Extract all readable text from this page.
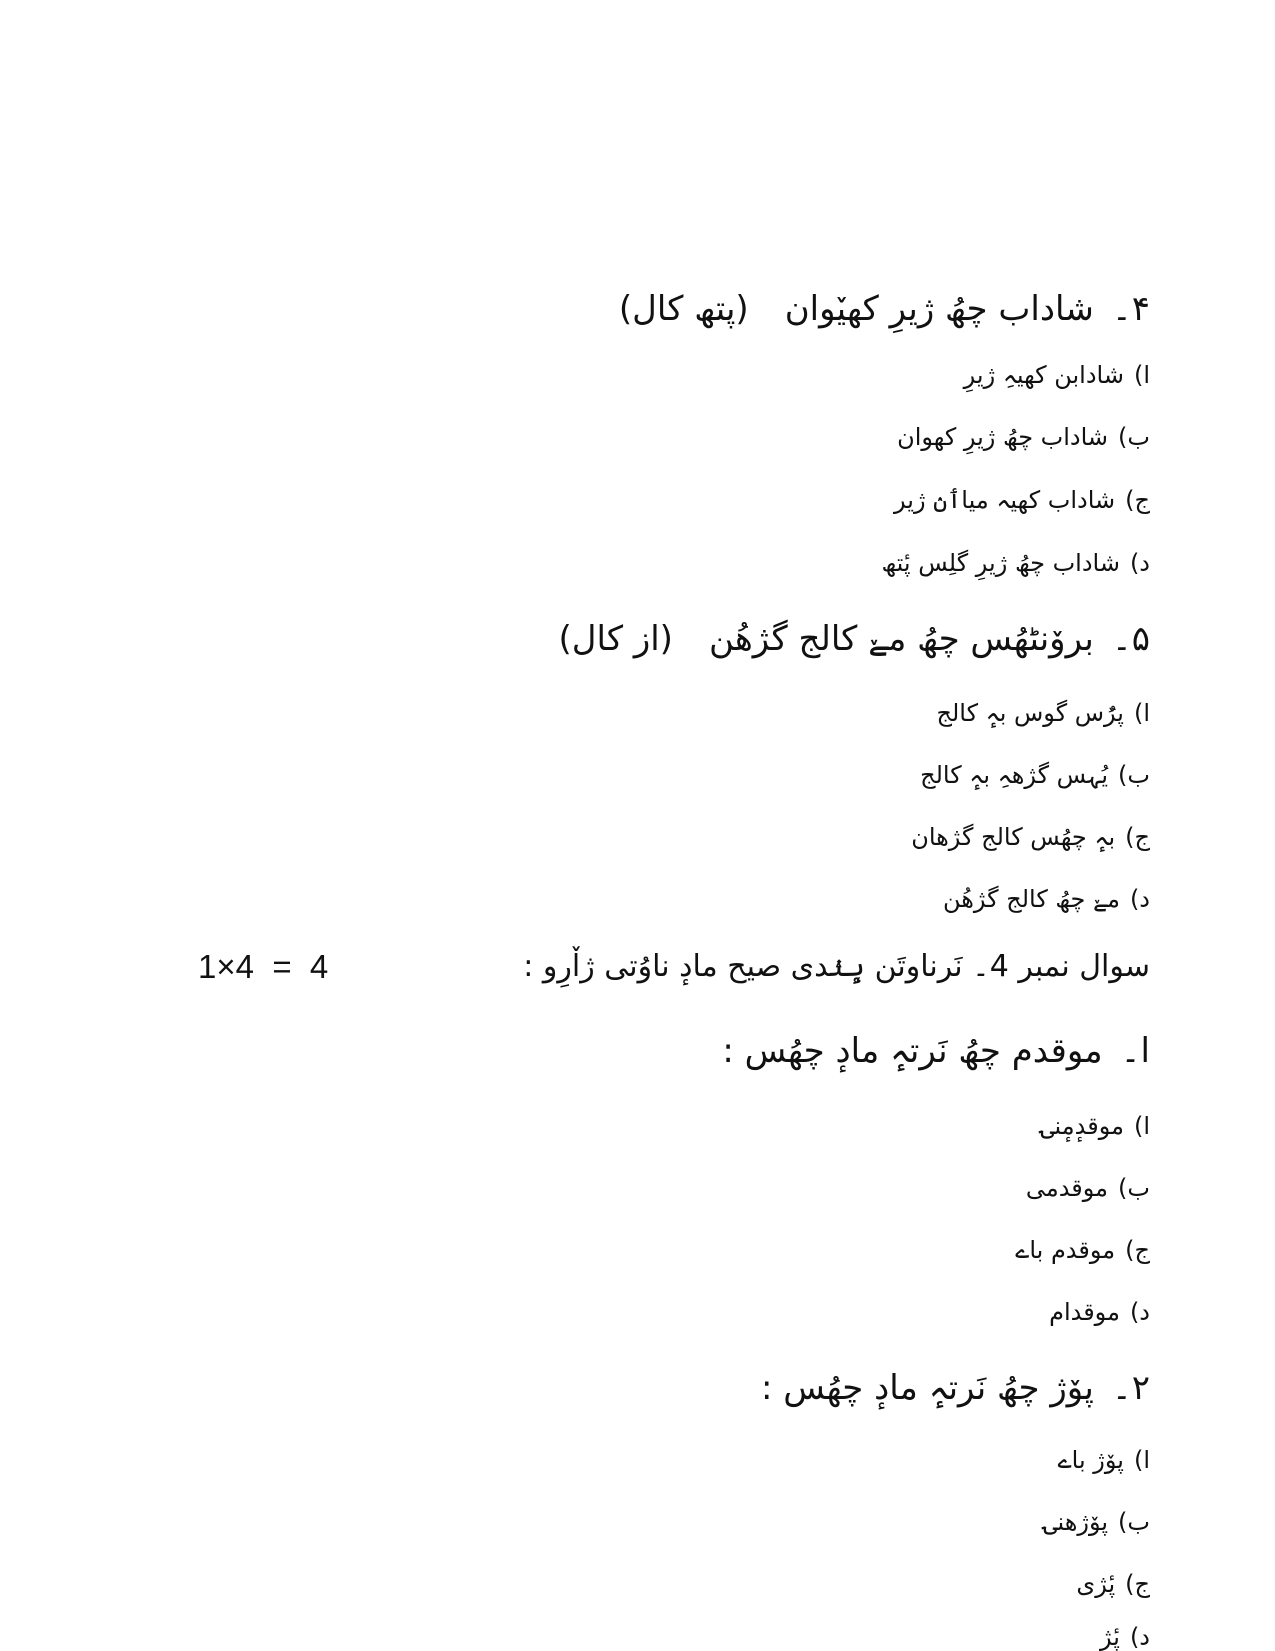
۴۔شاداب چھُ ژیرِ کھیٚوان(پتھ کال)
ا)شادابن کھیہِ ژیرِ
ب)شاداب چھُ ژیرِ کھوان
ج)شاداب کھیہ میاٲنٛ ژیر
د)شاداب چھُ ژیرِ گلِس پٔتھ
۵۔بروٚنٹھُس چھُ مےٚ کالج گژھُن(از کال)
ا)پرُٚس گوس بہٕ کالج
ب)یُہس گژھہِ بہٕ کالج
ج)بہٕ چھُس کالج گژھان
د)مےٚ چھُ کالج گژھُن
سوال نمبر 4۔ نَرناوتَن ہٕنٛدی صیح مادٕ ناوُتی ژاٚرِو :
1×4  =  4
ا۔موقدم چھُ نَرتہٕ مادٕ چھُس :
ا)موقدٕمٕنۍ
ب)موقدمی
ج)موقدم باے
د)موقدام
۲۔پوٚژ چھُ نَرتہٕ مادٕ چھُس :
ا)پوٚژ باے
ب)پوٚژھنۍ
ج)پٔژی
د)پٔژ
